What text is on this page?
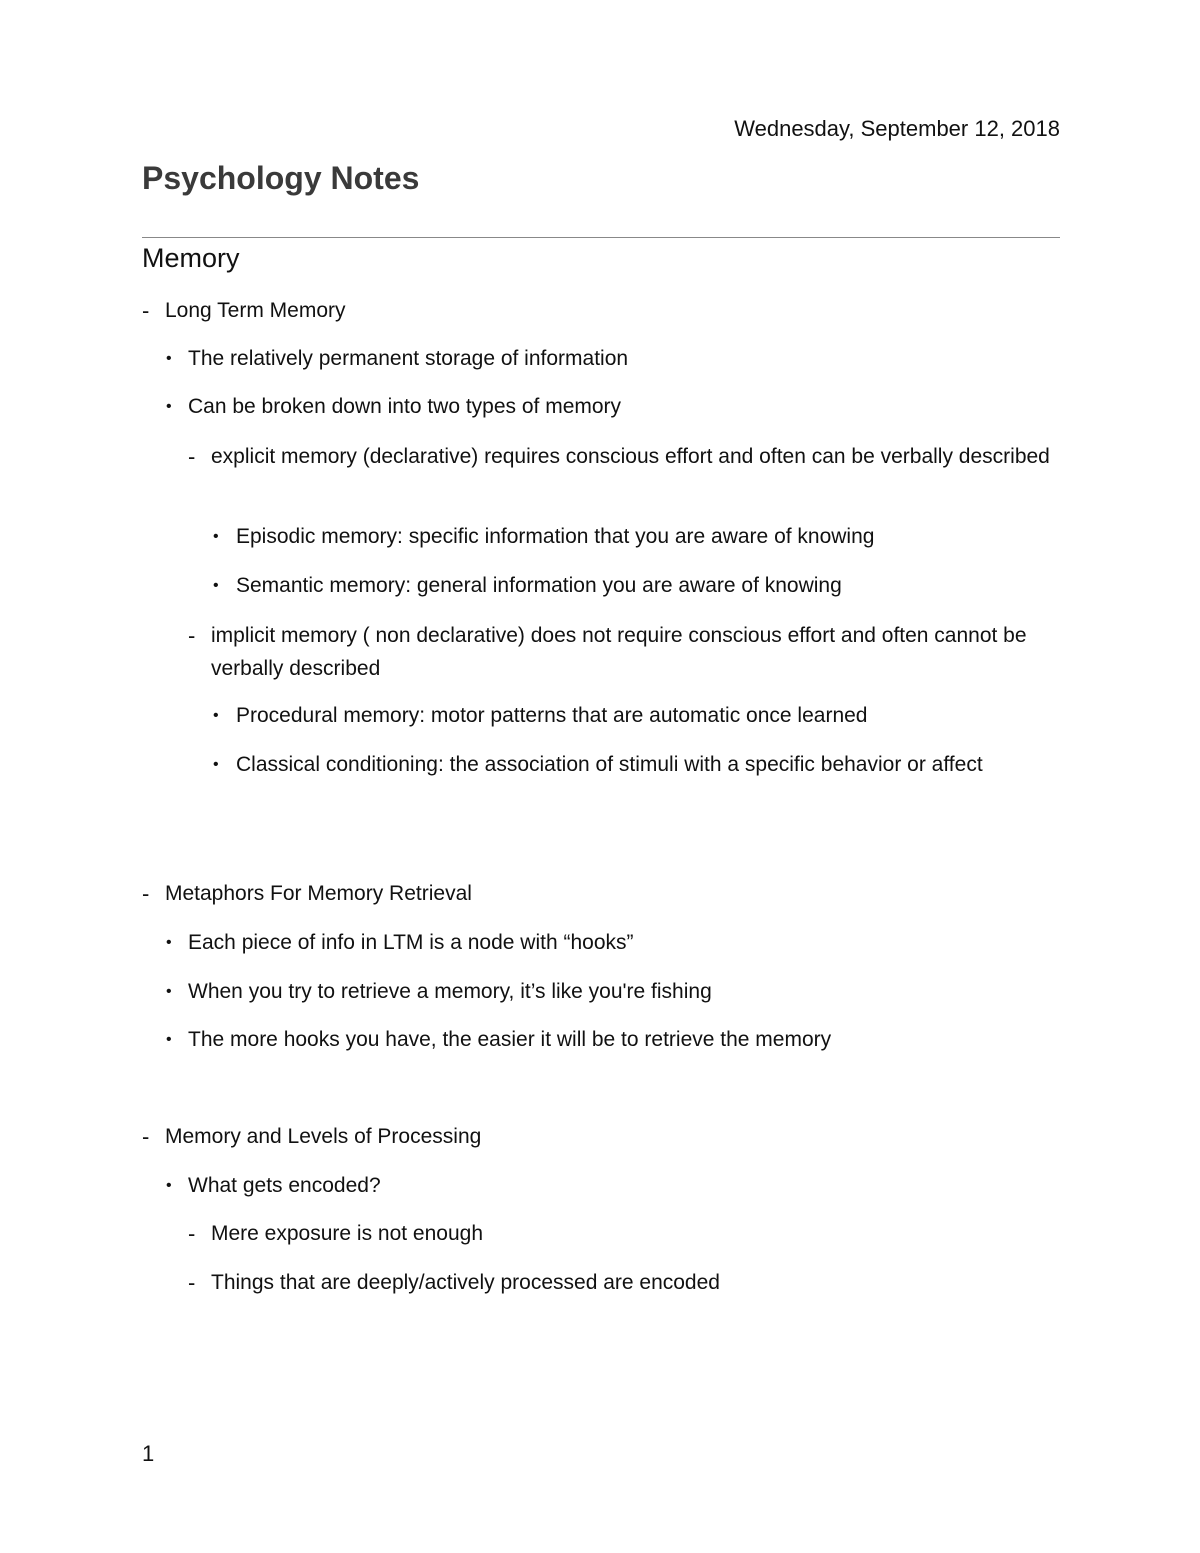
Wednesday, September 12, 2018
Psychology Notes
Memory
- Long Term Memory
• The relatively permanent storage of information
• Can be broken down into two types of memory
- explicit memory (declarative) requires conscious effort and often can be verbally described
• Episodic memory: specific information that you are aware of knowing
• Semantic memory: general information you are aware of knowing
- implicit memory ( non declarative) does not require conscious effort and often cannot be verbally described
• Procedural memory: motor patterns that are automatic once learned
• Classical conditioning: the association of stimuli with a specific behavior or affect
- Metaphors For Memory Retrieval
• Each piece of info in LTM is a node with “hooks”
• When you try to retrieve a memory, it’s like you're fishing
• The more hooks you have, the easier it will be to retrieve the memory
- Memory and Levels of Processing
• What gets encoded?
- Mere exposure is not enough
- Things that are deeply/actively processed are encoded
1
